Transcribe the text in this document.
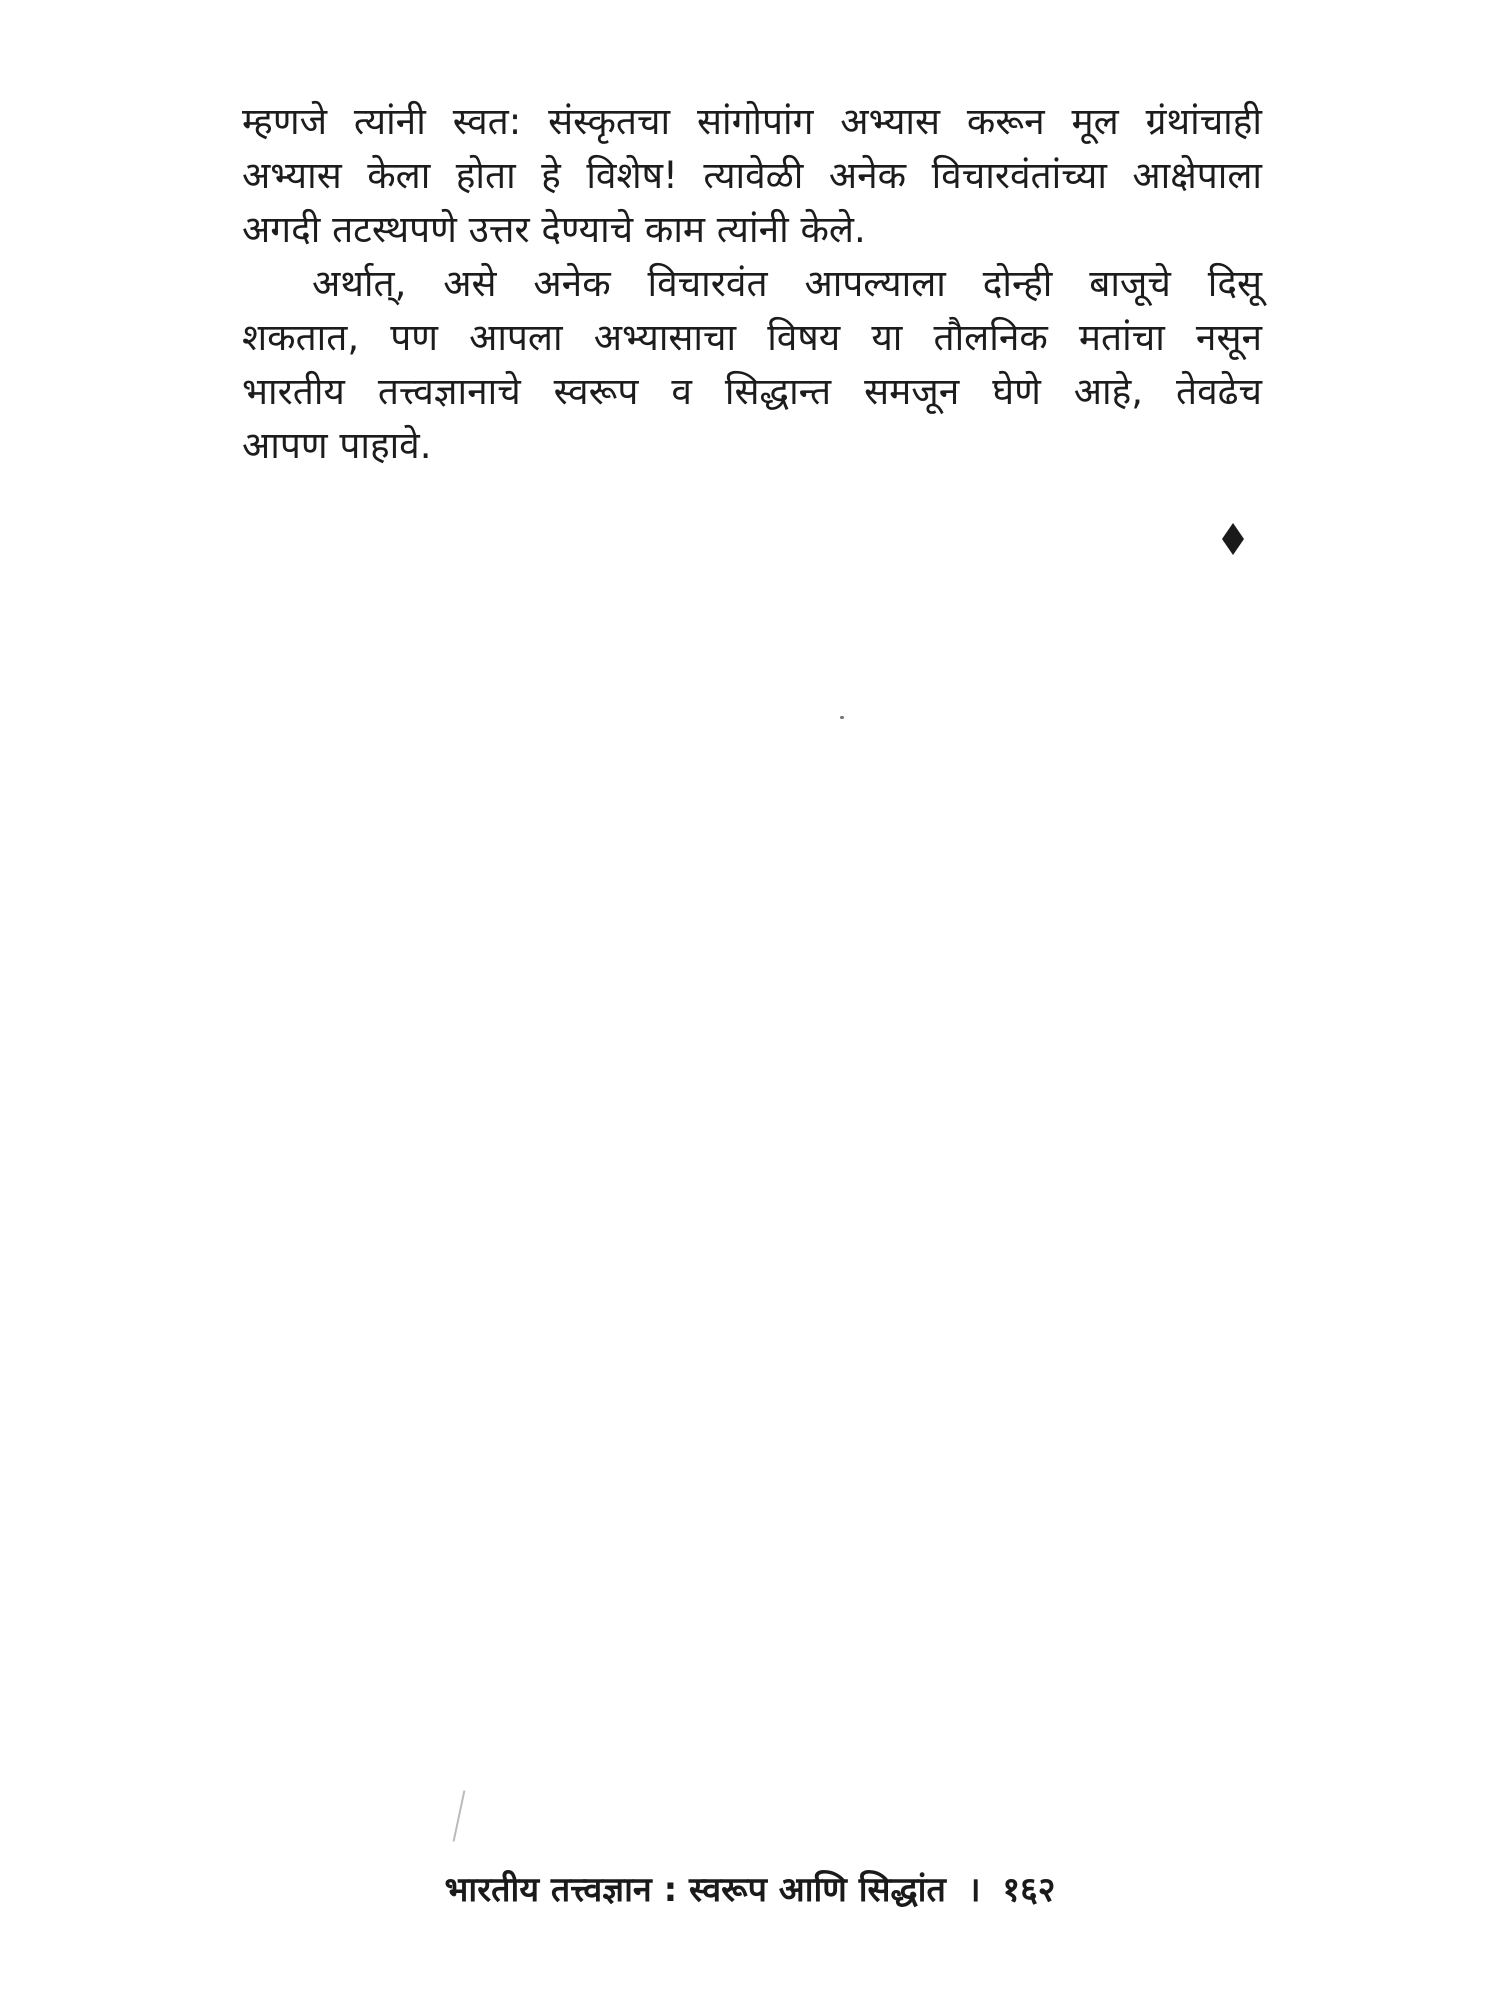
म्हणजे त्यांनी स्वत: संस्कृतचा सांगोपांग अभ्यास करून मूल ग्रंथांचाही
अभ्यास केला होता हे विशेष! त्यावेळी अनेक विचारवंतांच्या आक्षेपाला
अगदी तटस्थपणे उत्तर देण्याचे काम त्यांनी केले.
अर्थात्, असे अनेक विचारवंत आपल्याला दोन्ही बाजूचे दिसू
शकतात, पण आपला अभ्यासाचा विषय या तौलनिक मतांचा नसून
भारतीय तत्त्वज्ञानाचे स्वरूप व सिद्धान्त समजून घेणे आहे, तेवढेच
आपण पाहावे.
भारतीय तत्त्वज्ञान : स्वरूप आणि सिद्धांत । १६२
